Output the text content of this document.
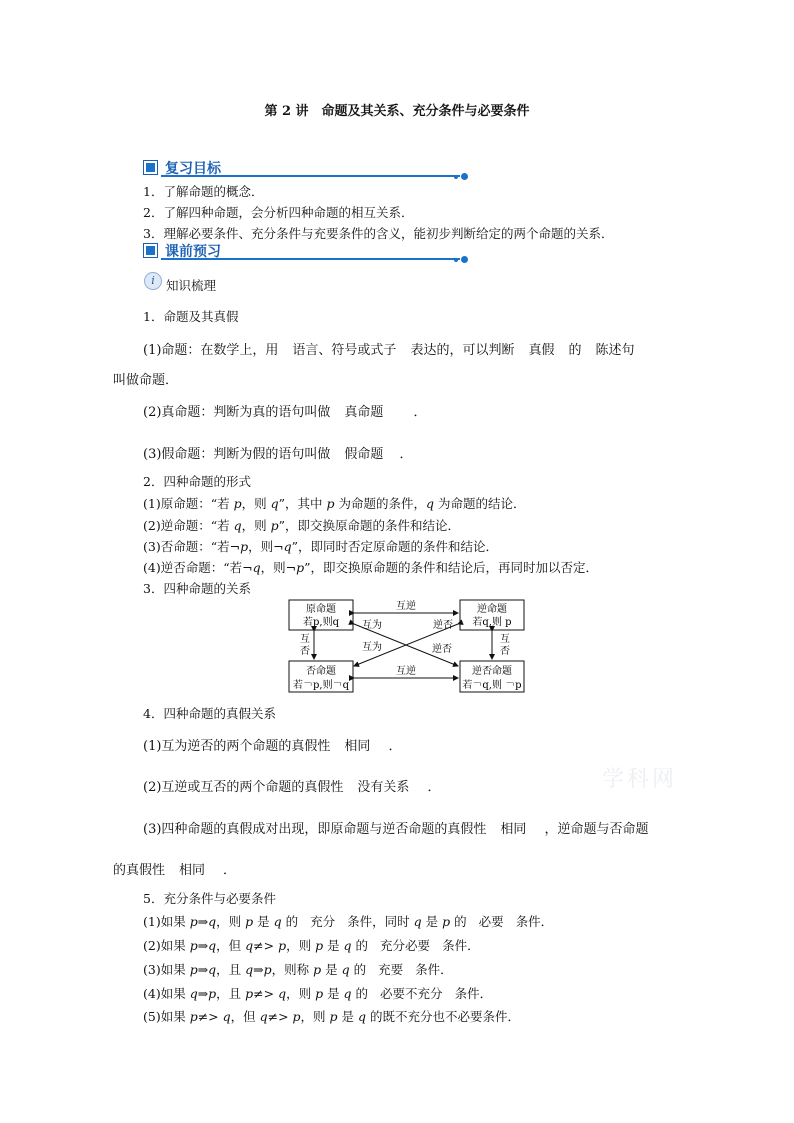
第 2 讲　命题及其关系、充分条件与必要条件
复习目标
1．了解命题的概念．
2．了解四种命题，会分析四种命题的相互关系．
3．理解必要条件、充分条件与充要条件的含义，能初步判断给定的两个命题的关系．
课前预习
i 知识梳理
1．命题及其真假
(1)命题：在数学上，用 语言、符号或式子 表达的，可以判断 真假 的 陈述句
叫做命题．
(2)真命题：判断为真的语句叫做 真命题 ．
(3)假命题：判断为假的语句叫做 假命题 ．
2．四种命题的形式
(1)原命题：“若 p，则 q”，其中 p 为命题的条件，q 为命题的结论．
(2)逆命题：“若 q，则 p”，即交换原命题的条件和结论．
(3)否命题：“若¬p，则¬q”，即同时否定原命题的条件和结论．
(4)逆否命题：“若¬q，则¬p”，即交换原命题的条件和结论后，再同时加以否定．
3．四种命题的关系
原命题
若p,则q
逆命题
若q,则 p
否命题
若￢p,则￢q
逆否命题
若￢q,则 ￢p
互逆
互逆
互
否
互
否
互为	逆否
互为	逆否
4．四种命题的真假关系
(1)互为逆否的两个命题的真假性 相同 ．
(2)互逆或互否的两个命题的真假性 没有关系 ．
(3)四种命题的真假成对出现，即原命题与逆否命题的真假性 相同 ，逆命题与否命题
的真假性 相同 ．
5．充分条件与必要条件
(1)如果 p⇒q，则 p 是 q 的 充分 条件，同时 q 是 p 的 必要 条件．
(2)如果 p⇒q，但 q≠> p，则 p 是 q 的 充分必要 条件．
(3)如果 p⇒q，且 q⇒p，则称 p 是 q 的 充要 条件．
(4)如果 q⇒p，且 p≠> q，则 p 是 q 的 必要不充分 条件．
(5)如果 p≠> q，但 q≠> p，则 p 是 q 的既不充分也不必要条件．
学科网
